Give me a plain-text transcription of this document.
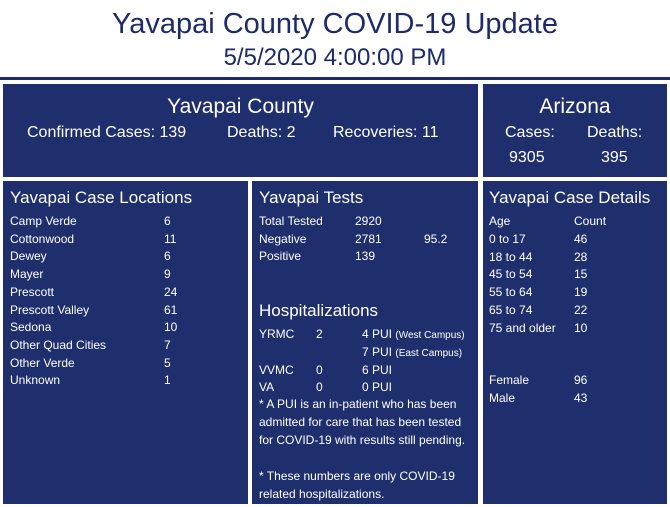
Yavapai County COVID-19 Update
5/5/2020 4:00:00 PM
Yavapai County
Confirmed Cases: 139	Deaths: 2 Recoveries: 11
Arizona
Cases:
9305
Deaths:
395
Yavapai Case Locations
Camp Verde	6
Cottonwood	11
Dewey	6
Mayer	9
Prescott	24
Prescott Valley	61
Sedona	10
Other Quad Cities	7
Other Verde	5
Unknown	1
Yavapai Tests
Total Tested	2920
Negative	2781	95.2
Positive	139
Hospitalizations
YRMC 2	4 PUI (West Campus)
7 PUI (East Campus)
VVMC 0	6 PUI
VA	0	0 PUI
* A PUI is an in-patient who has been admitted for care that has been tested for COVID-19 with results still pending.
* These numbers are only COVID-19 related hospitalizations.
Yavapai Case Details
Age	Count
0 to 17	46
18 to 44	28
45 to 54	15
55 to 64	19
65 to 74	22
75 and older 10
Female	96
Male	43
